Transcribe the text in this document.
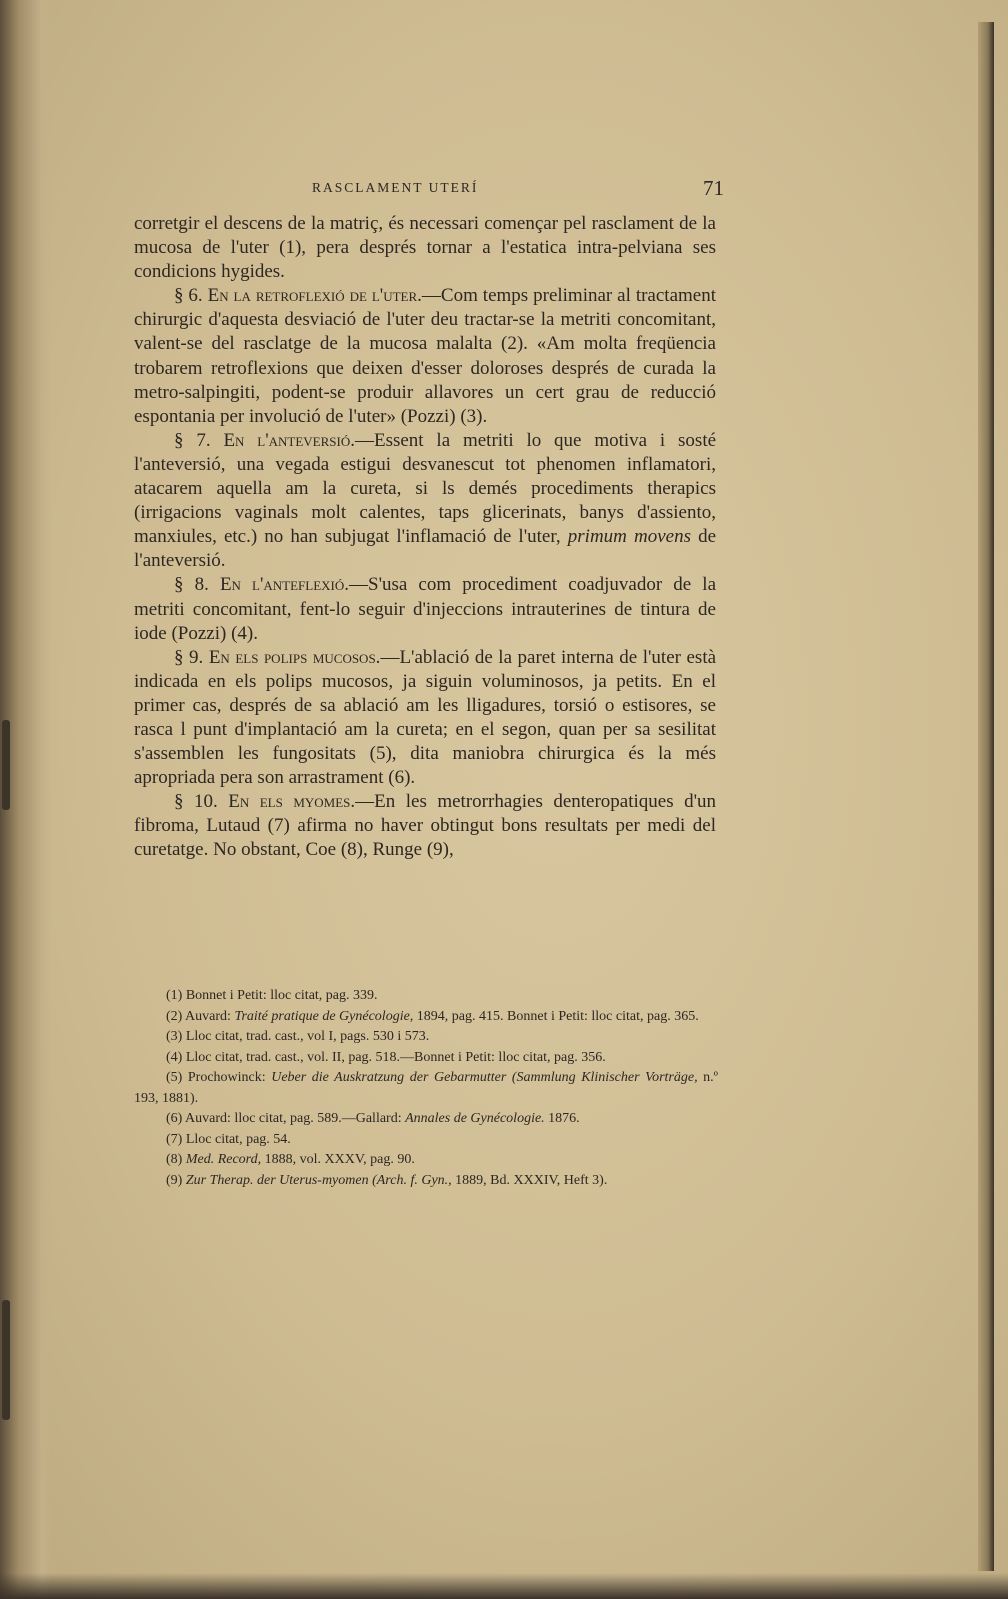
RASCLAMENT UTERÍ	71

corretgir el descens de la matriç, és necessari començar pel rasclament de la mucosa de l'uter (1), pera després tornar a l'estatica intra-pelviana ses condicions hygides.

§ 6. En la retroflexió de l'uter.—Com temps preliminar al tractament chirurgic d'aquesta desviació de l'uter deu tractar-se la metriti concomitant, valent-se del rasclatge de la mucosa malalta (2). «Am molta freqüencia trobarem retroflexions que deixen d'esser doloroses després de curada la metro-salpingiti, podent-se produir allavores un cert grau de reducció espontania per involució de l'uter» (Pozzi) (3).

§ 7. En l'anteversió.—Essent la metriti lo que motiva i sosté l'anteversió, una vegada estigui desvanescut tot phenomen inflamatori, atacarem aquella am la cureta, si ls demés procediments therapics (irrigacions vaginals molt calentes, taps glicerinats, banys d'assiento, manxiules, etc.) no han subjugat l'inflamació de l'uter, primum movens de l'anteversió.

§ 8. En l'anteflexió.—S'usa com procediment coadjuvador de la metriti concomitant, fent-lo seguir d'injeccions intrauterines de tintura de iode (Pozzi) (4).

§ 9. En els polips mucosos.—L'ablació de la paret interna de l'uter està indicada en els polips mucosos, ja siguin voluminosos, ja petits. En el primer cas, després de sa ablació am les lligadures, torsió o estisores, se rasca l punt d'implantació am la cureta; en el segon, quan per sa sesilitat s'assemblen les fungositats (5), dita maniobra chirurgica és la més apropriada pera son arrastrament (6).

§ 10. En els myomes.—En les metrorrhagies denteropatiques d'un fibroma, Lutaud (7) afirma no haver obtingut bons resultats per medi del curetatge. No obstant, Coe (8), Runge (9),

(1) Bonnet i Petit: lloc citat, pag. 339.

(2) Auvard: Traité pratique de Gynécologie, 1894, pag. 415. Bonnet i Petit: lloc citat, pag. 365.

(3) Lloc citat, trad. cast., vol I, pags. 530 i 573.

(4) Lloc citat, trad. cast., vol. II, pag. 518.—Bonnet i Petit: lloc citat, pag. 356.

(5) Prochowinck: Ueber die Auskratzung der Gebarmutter (Sammlung Klinischer Vorträge, n.º 193, 1881).

(6) Auvard: lloc citat, pag. 589.—Gallard: Annales de Gynécologie. 1876.

(7) Lloc citat, pag. 54.

(8) Med. Record, 1888, vol. XXXV, pag. 90.

(9) Zur Therap. der Uterus-myomen (Arch. f. Gyn., 1889, Bd. XXXIV, Heft 3).
